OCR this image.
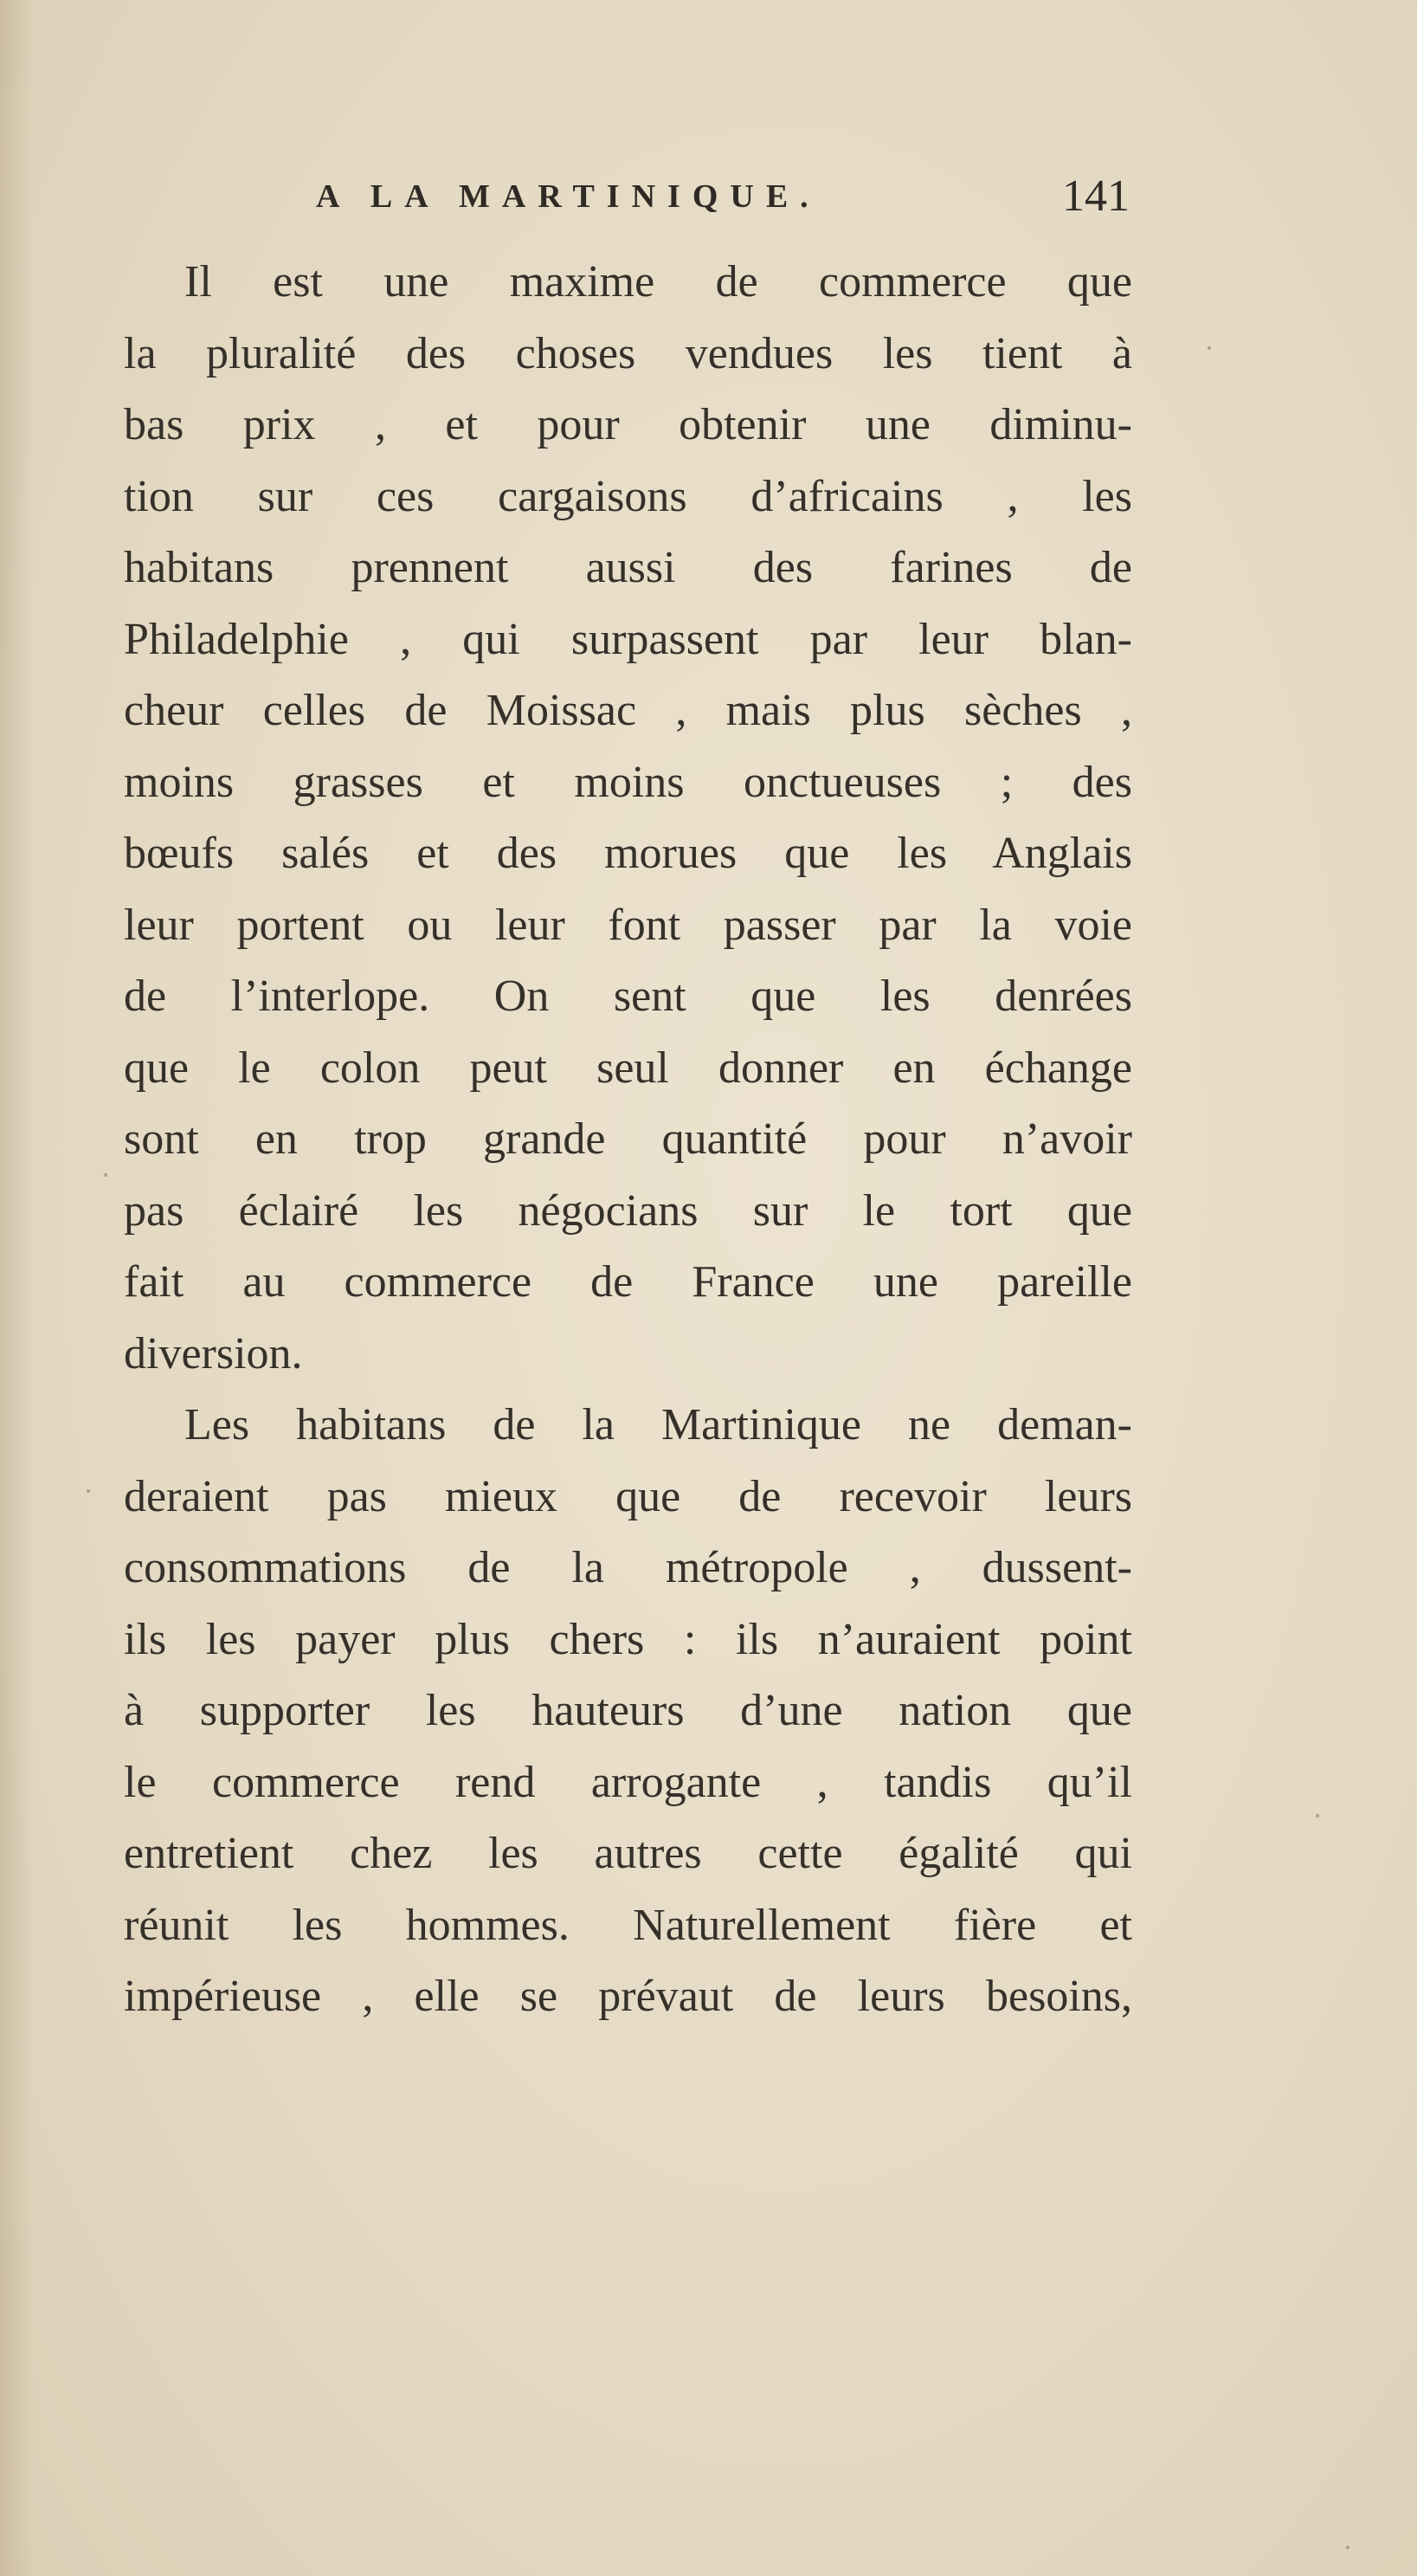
A LA MARTINIQUE.	141
Il est une maxime de commerce que
la pluralité des choses vendues les tient à
bas prix , et pour obtenir une diminu-
tion sur ces cargaisons d’africains , les
habitans prennent aussi des farines de
Philadelphie , qui surpassent par leur blan-
cheur celles de Moissac , mais plus sèches ,
moins grasses et moins onctueuses ; des
bœufs salés et des morues que les Anglais
leur portent ou leur font passer par la voie
de l’interlope. On sent que les denrées
que le colon peut seul donner en échange
sont en trop grande quantité pour n’avoir
pas éclairé les négocians sur le tort que
fait au commerce de France une pareille
diversion.
Les habitans de la Martinique ne deman-
deraient pas mieux que de recevoir leurs
consommations de la métropole , dussent-
ils les payer plus chers : ils n’auraient point
à supporter les hauteurs d’une nation que
le commerce rend arrogante , tandis qu’il
entretient chez les autres cette égalité qui
réunit les hommes. Naturellement fière et
impérieuse , elle se prévaut de leurs besoins,
